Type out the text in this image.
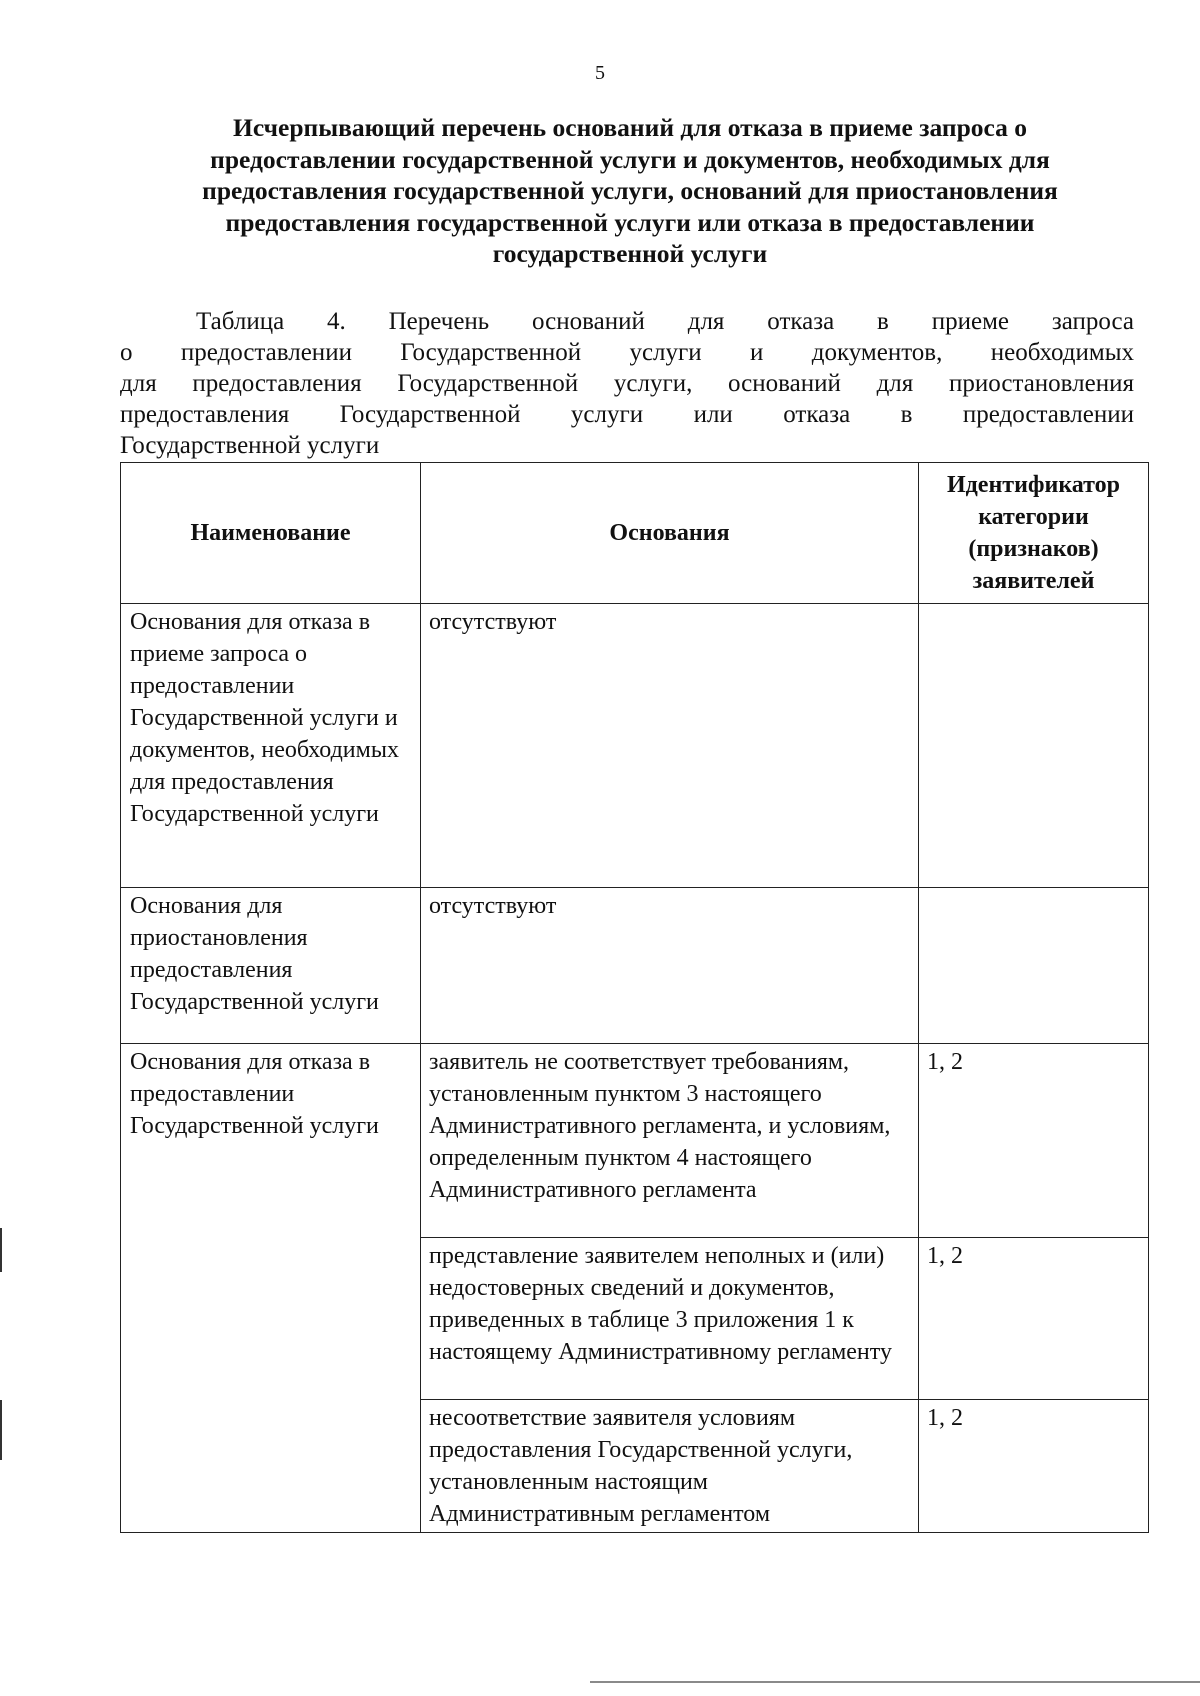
5
Исчерпывающий перечень оснований для отказа в приеме запроса о
предоставлении государственной услуги и документов, необходимых для
предоставления государственной услуги, оснований для приостановления
предоставления государственной услуги или отказа в предоставлении
государственной услуги
Таблица 4. Перечень оснований для отказа в приеме запроса
о предоставлении Государственной услуги и документов, необходимых
для предоставления Государственной услуги, оснований для приостановления
предоставления Государственной услуги или отказа в предоставлении
Государственной услуги
Наименование	Основания	Идентификатор категории (признаков) заявителей
Основания для отказа в приеме запроса о предоставлении Государственной услуги и документов, необходимых для предоставления Государственной услуги	отсутствуют	
Основания для приостановления предоставления Государственной услуги	отсутствуют	
Основания для отказа в предоставлении Государственной услуги	заявитель не соответствует требованиям, установленным пунктом 3 настоящего Административного регламента, и условиям, определенным пунктом 4 настоящего Административного регламента	1, 2
	представление заявителем неполных и (или) недостоверных сведений и документов, приведенных в таблице 3 приложения 1 к настоящему Административному регламенту	1, 2
	несоответствие заявителя условиям предоставления Государственной услуги, установленным настоящим Административным регламентом	1, 2
